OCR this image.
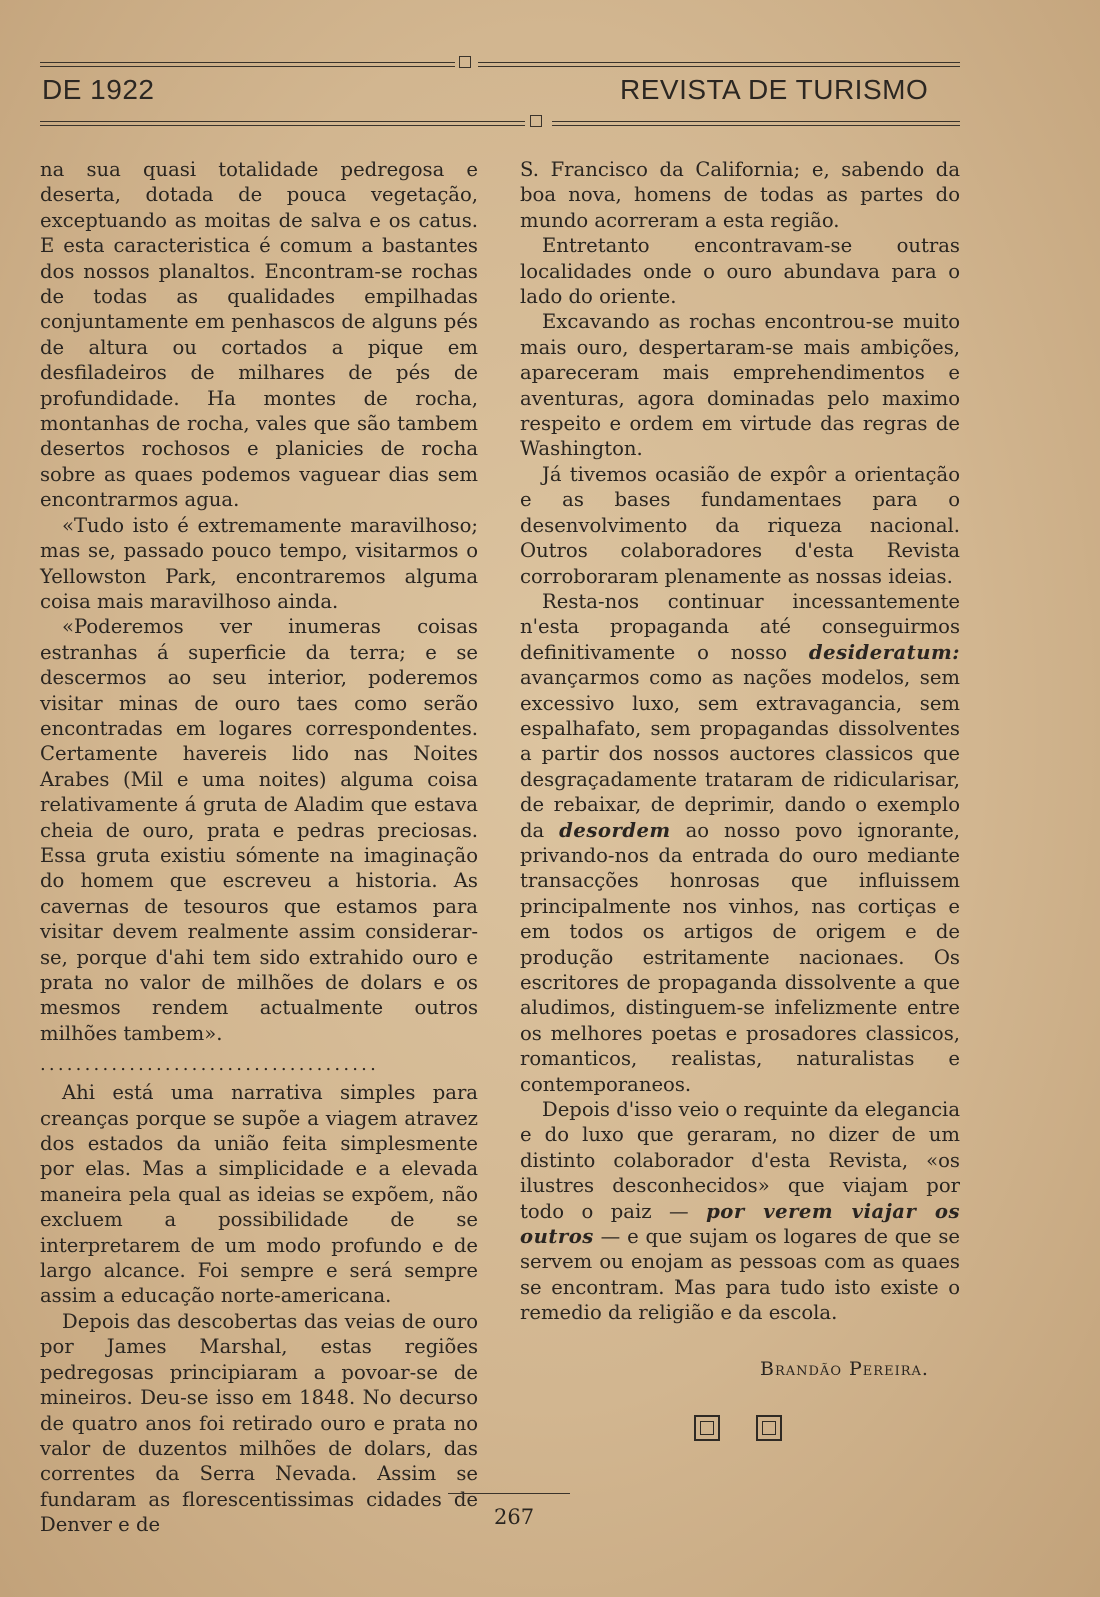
DE 1922	REVISTA DE TURISMO

na sua quasi totalidade pedregosa e deserta, dotada de pouca vegetação, exceptuando as moitas de salva e os catus. E esta caracteristica é comum a bastantes dos nossos planaltos. Encontram-se rochas de todas as qualidades empilhadas conjuntamente em penhascos de alguns pés de altura ou cortados a pique em desfiladeiros de milhares de pés de profundidade. Ha montes de rocha, montanhas de rocha, vales que são tambem desertos rochosos e planicies de rocha sobre as quaes podemos vaguear dias sem encontrarmos agua.

«Tudo isto é extremamente maravilhoso; mas se, passado pouco tempo, visitarmos o Yellowston Park, encontraremos alguma coisa mais maravilhoso ainda.

«Poderemos ver inumeras coisas estranhas á superficie da terra; e se descermos ao seu interior, poderemos visitar minas de ouro taes como serão encontradas em logares correspondentes. Certamente havereis lido nas Noites Arabes (Mil e uma noites) alguma coisa relativamente á gruta de Aladim que estava cheia de ouro, prata e pedras preciosas. Essa gruta existiu sómente na imaginação do homem que escreveu a historia. As cavernas de tesouros que estamos para visitar devem realmente assim considerar-se, porque d'ahi tem sido extrahido ouro e prata no valor de milhões de dolars e os mesmos rendem actualmente outros milhões tambem».

......................................

Ahi está uma narrativa simples para creanças porque se supõe a viagem atravez dos estados da união feita simplesmente por elas. Mas a simplicidade e a elevada maneira pela qual as ideias se expõem, não excluem a possibilidade de se interpretarem de um modo profundo e de largo alcance. Foi sempre e será sempre assim a educação norte-americana.

Depois das descobertas das veias de ouro por James Marshal, estas regiões pedregosas principiaram a povoar-se de mineiros. Deu-se isso em 1848. No decurso de quatro anos foi retirado ouro e prata no valor de duzentos milhões de dolars, das correntes da Serra Nevada. Assim se fundaram as florescentissimas cidades de Denver e de

S. Francisco da California; e, sabendo da boa nova, homens de todas as partes do mundo acorreram a esta região.

Entretanto encontravam-se outras localidades onde o ouro abundava para o lado do oriente.

Excavando as rochas encontrou-se muito mais ouro, despertaram-se mais ambições, apareceram mais emprehendimentos e aventuras, agora dominadas pelo maximo respeito e ordem em virtude das regras de Washington.

Já tivemos ocasião de expôr a orientação e as bases fundamentaes para o desenvolvimento da riqueza nacional. Outros colaboradores d'esta Revista corroboraram plenamente as nossas ideias.

Resta-nos continuar incessantemente n'esta propaganda até conseguirmos definitivamente o nosso desideratum: avançarmos como as nações modelos, sem excessivo luxo, sem extravagancia, sem espalhafato, sem propagandas dissolventes a partir dos nossos auctores classicos que desgraçadamente trataram de ridicularisar, de rebaixar, de deprimir, dando o exemplo da desordem ao nosso povo ignorante, privando-nos da entrada do ouro mediante transacções honrosas que influissem principalmente nos vinhos, nas cortiças e em todos os artigos de origem e de produção estritamente nacionaes. Os escritores de propaganda dissolvente a que aludimos, distinguem-se infelizmente entre os melhores poetas e prosadores classicos, romanticos, realistas, naturalistas e contemporaneos.

Depois d'isso veio o requinte da elegancia e do luxo que geraram, no dizer de um distinto colaborador d'esta Revista, «os ilustres desconhecidos» que viajam por todo o paiz — por verem viajar os outros — e que sujam os logares de que se servem ou enojam as pessoas com as quaes se encontram. Mas para tudo isto existe o remedio da religião e da escola.

Brandão Pereira.
267
